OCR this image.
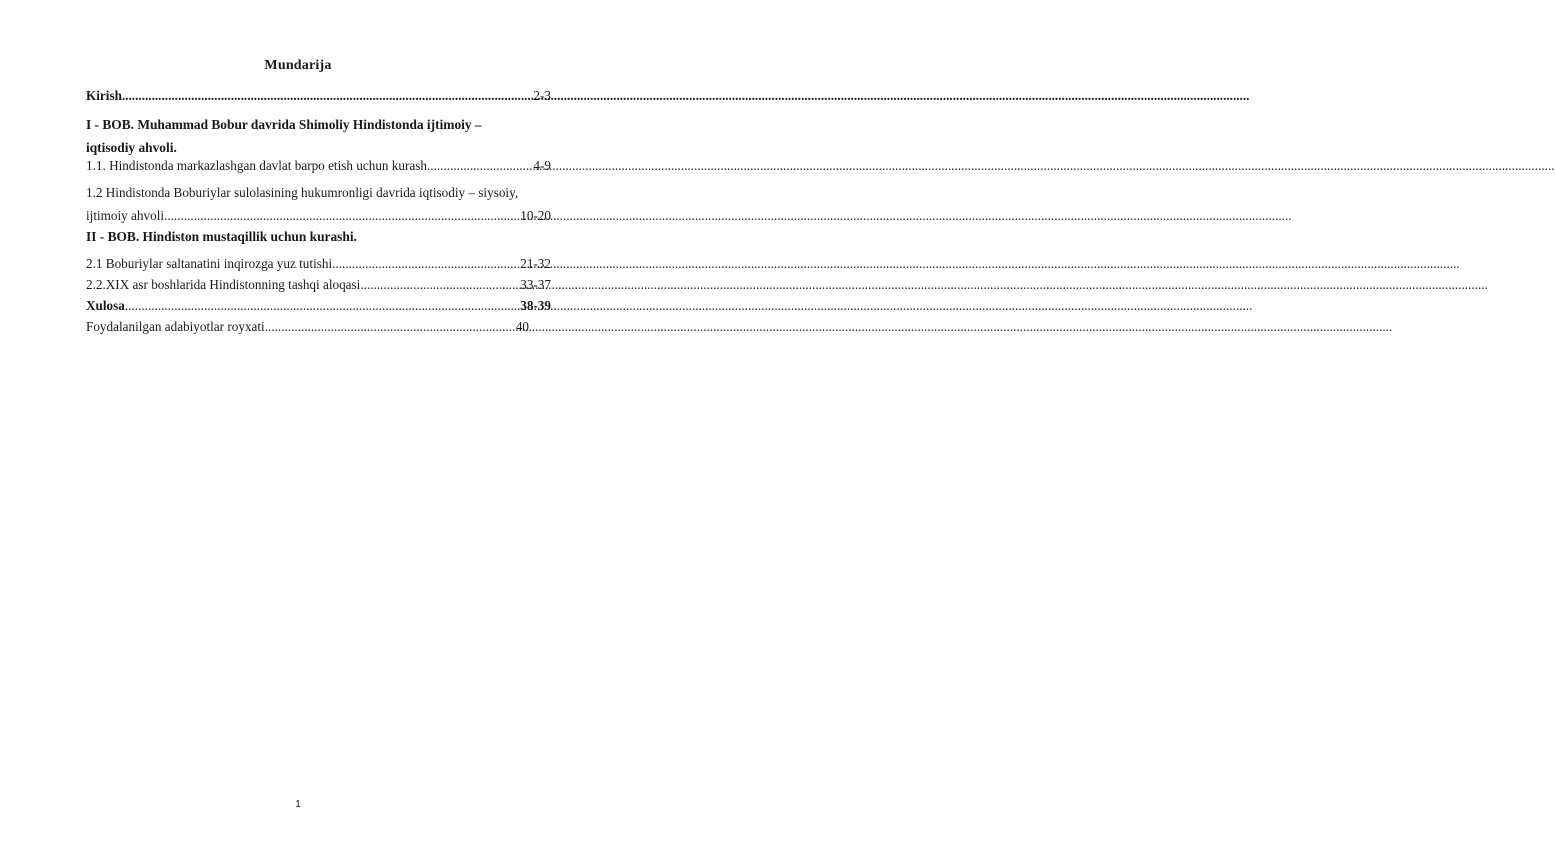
Mundarija
Kirish .....	2-3
I - BOB. Muhammad Bobur davrida Shimoliy Hindistonda ijtimoiy –
iqtisodiy ahvoli.
1.1. Hindistonda markazlashgan davlat barpo etish uchun kurash .....	4-9
1.2 Hindistonda Boburiylar sulolasining hukumronligi davrida iqtisodiy – siysoiy,
ijtimoiy ahvoli .....	10-20
II - BOB. Hindiston mustaqillik uchun kurashi.
2.1 Boburiylar saltanatini inqirozga yuz tutishi .....	21-32
2.2.XIX asr boshlarida Hindistonning tashqi aloqasi .....	33-37
Xulosa .....	38-39
Foydalanilgan adabiyotlar royxati .....	40
1
